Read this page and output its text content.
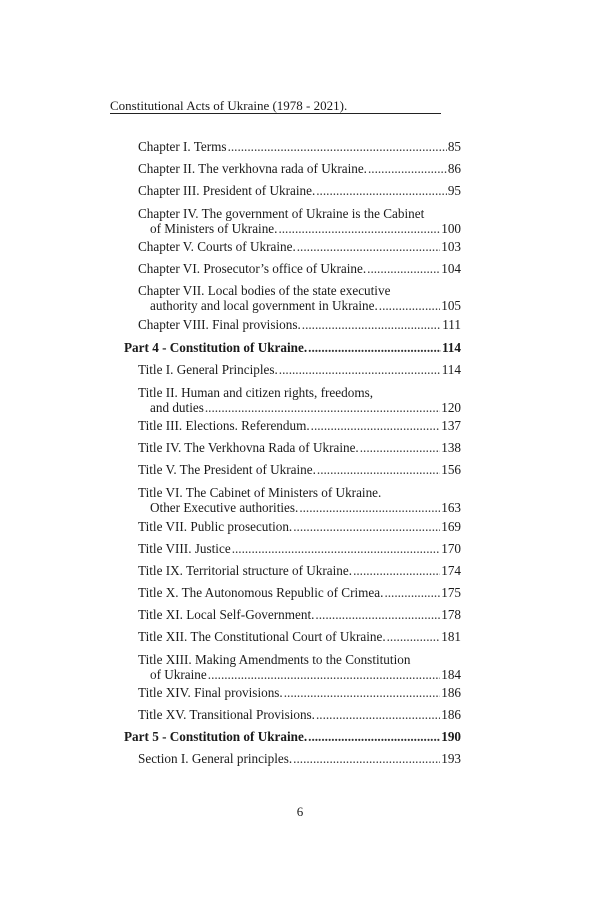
Constitutional Acts of Ukraine (1978 - 2021).
Chapter I. Terms .....	85
Chapter II. The verkhovna rada of Ukraine. .....	86
Chapter III. President of Ukraine. .....	95
Chapter IV. The government of Ukraine is the Cabinet
of Ministers of Ukraine. .....	100
Chapter V. Courts of Ukraine. .....	103
Chapter VI. Prosecutor’s office of Ukraine. .....	104
Chapter VII. Local bodies of the state executive
authority and local government in Ukraine. .....	105
Chapter VIII. Final provisions. .....	111
Part 4 - Constitution of Ukraine. .....	114
Title I. General Principles. .....	114
Title II. Human and citizen rights, freedoms,
and duties .....	120
Title III. Elections. Referendum. .....	137
Title IV. The Verkhovna Rada of Ukraine. .....	138
Title V. The President of Ukraine. .....	156
Title VI. The Cabinet of Ministers of Ukraine.
Other Executive authorities. .....	163
Title VII. Public prosecution. .....	169
Title VIII. Justice .....	170
Title IX. Territorial structure of Ukraine. .....	174
Title X. The Autonomous Republic of Crimea. .....	175
Title XI. Local Self-Government. .....	178
Title XII. The Constitutional Court of Ukraine. .....	181
Title XIII. Making Amendments to the Constitution
of Ukraine .....	184
Title XIV. Final provisions. .....	186
Title XV. Transitional Provisions. .....	186
Part 5 - Constitution of Ukraine. .....	190
Section I. General principles. .....	193
6
